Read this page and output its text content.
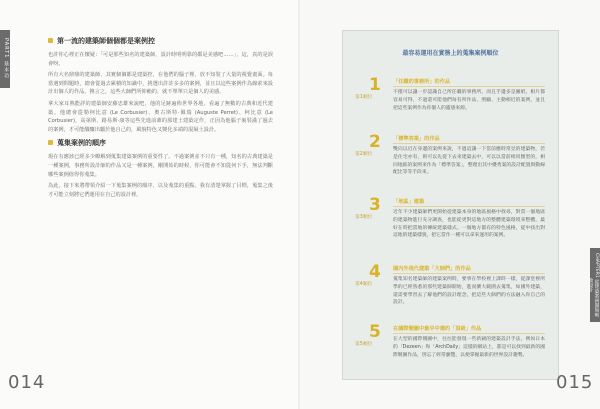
PART1 基本功	第一流的建築師個個都是案例控

也許你心裡正在懷疑：「可是那些知名的建築師，設計時明明靠的都是美感吧……」，這，真的是誤會呀。

所有大名鼎鼎的建築師，其實個個都是建築控，在他們的腦子裡，放不知裝了大量的視覺畫面。每當遇到問題時，總會從過去累積的知識中，挑選出許許多多的案例，並且以這些案例作為線索來設計出個人的作品。換言之，這些大師們所仰賴的，就不單單只是個人的美感。

拿大家耳熟能詳的建築師安藤忠雄來說吧，他的足跡遍佈世界各地，看遍了無數的古典和近代建築。他總會從勒柯比意 (Le Corbusier)、奧古斯特·佩瑞 (Auguste Perret)、柯比意 (Le Corbusier)，高第斯、路易斯·康等這些先進前輩的那建土建築定作，正因為他腦子裏裝滿了過去的案例，才可能醞釀出屬於他自己的，風貌特色又變化多端的混凝土設計。

蒐集案例的順序

現在有應該已經多少瞭解到蒐集建築案例的重要性了。不過案例並不只有一種，知名的古典建築是一種案例，事務所設計師的作品又是一種案例，剛開始的時候，你可能會不知從何下手，無法判斷哪些案例值得你蒐集。

為此，接下來將帶領介紹一下蒐集案例的順序，以及蒐集的重點。我有清楚掌握了目標，蒐集之後才可能立刻將它們運用在自己的設計裡。

014
最容易運用在實務上的蒐集案例順位
1
第1順位
「任職的事務所」的作品
不僅可以讓一步認識自己所任職的事務所，而且手邊多是圖紙，相片都容易可得，不過還可能他們每有所作品，照顧、主動相近的案例，並且把這些案例作為你個人的靈感來源。
2
第2順位
「標準答案」的作品
雙向以近在身邊的案例來說，不過這讓一下當前應時常見的建築物，若是住宅亦有，則可以先從下去來建築去中，可以以當前相同類型的，相同地區的案例來作為「標準答案」，整理出其中優秀案的設計配置與動線配比等等手段來。
3
第3順位
「地區」建築
近年不少建築師們更開始從建築本身的地區風格中找尋，對當一個地區的建築物進行充分調查，也能從更對這地方的整體建築環境來整體，最好在時把當地的傳統建築樣式。一個地方都有的特色風格，從中找出對這地的建築樣貌，把它當作一種可以拿來運用的案例。
4
第4順位
國內外現代建築「大師們」的作品
蒐集知名建築師的建築案例時，要事在學校裡上課時一樣，從課堂裡所學的已經熟悉的那些建築師開始，進而擴大範圍去蒐集，如國外建築，還需要學習去了解他們的設計理念，把這些大師們的方法融入你自己的設計。
5
第5順位
在國際競圖中最早中選的「頂級」作品
在大型的國際競圖中，往往能發現一些新穎的建築設計手法，例如日本的「Dezeen」和「ArchDaily」這樣的網站上，都是可以找到最新的國際競圖作品，別忘了經常瀏覽，以便掌握最新的世界設計趨勢。
015
CHAPTER1 從建築案例開始吸收設計
